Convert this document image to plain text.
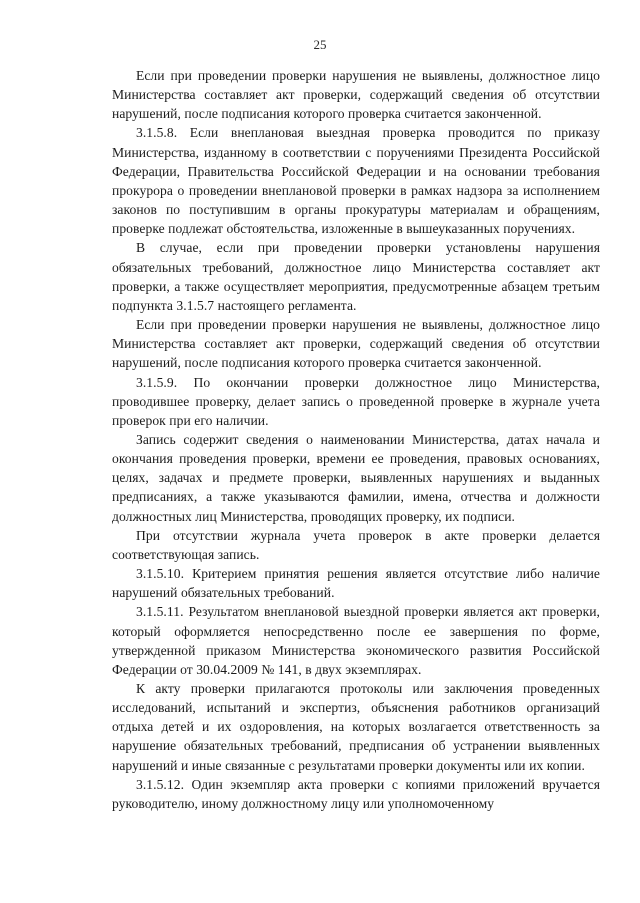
25

Если при проведении проверки нарушения не выявлены, должностное лицо Министерства составляет акт проверки, содержащий сведения об отсутствии нарушений, после подписания которого проверка считается законченной.

3.1.5.8. Если внеплановая выездная проверка проводится по приказу Министерства, изданному в соответствии с поручениями Президента Российской Федерации, Правительства Российской Федерации и на основании требования прокурора о проведении внеплановой проверки в рамках надзора за исполнением законов по поступившим в органы прокуратуры материалам и обращениям, проверке подлежат обстоятельства, изложенные в вышеуказанных поручениях.

В случае, если при проведении проверки установлены нарушения обязательных требований, должностное лицо Министерства составляет акт проверки, а также осуществляет мероприятия, предусмотренные абзацем третьим подпункта 3.1.5.7 настоящего регламента.

Если при проведении проверки нарушения не выявлены, должностное лицо Министерства составляет акт проверки, содержащий сведения об отсутствии нарушений, после подписания которого проверка считается законченной.

3.1.5.9. По окончании проверки должностное лицо Министерства, проводившее проверку, делает запись о проведенной проверке в журнале учета проверок при его наличии.

Запись содержит сведения о наименовании Министерства, датах начала и окончания проведения проверки, времени ее проведения, правовых основаниях, целях, задачах и предмете проверки, выявленных нарушениях и выданных предписаниях, а также указываются фамилии, имена, отчества и должности должностных лиц Министерства, проводящих проверку, их подписи.

При отсутствии журнала учета проверок в акте проверки делается соответствующая запись.

3.1.5.10. Критерием принятия решения является отсутствие либо наличие нарушений обязательных требований.

3.1.5.11. Результатом внеплановой выездной проверки является акт проверки, который оформляется непосредственно после ее завершения по форме, утвержденной приказом Министерства экономического развития Российской Федерации от 30.04.2009 № 141, в двух экземплярах.

К акту проверки прилагаются протоколы или заключения проведенных исследований, испытаний и экспертиз, объяснения работников организаций отдыха детей и их оздоровления, на которых возлагается ответственность за нарушение обязательных требований, предписания об устранении выявленных нарушений и иные связанные с результатами проверки документы или их копии.

3.1.5.12. Один экземпляр акта проверки с копиями приложений вручается руководителю, иному должностному лицу или уполномоченному
